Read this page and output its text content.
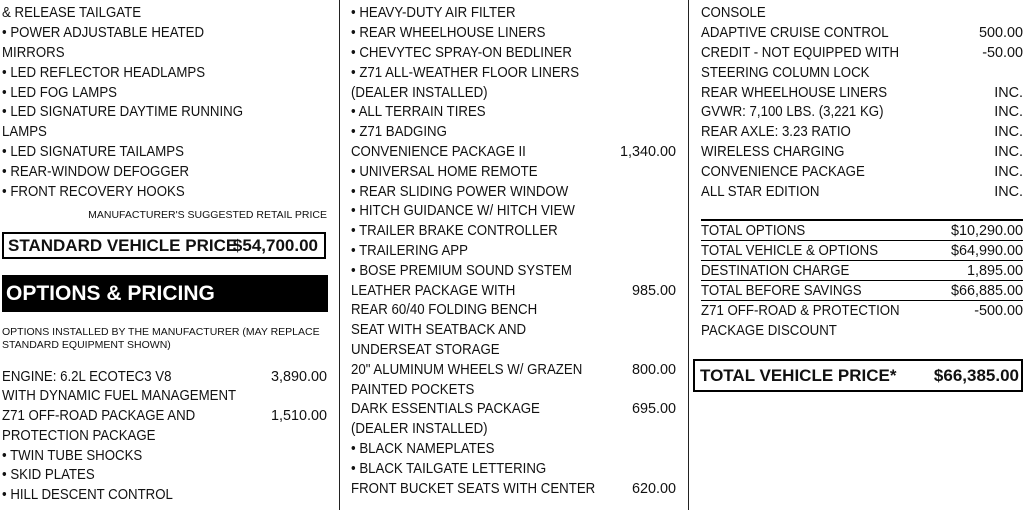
& RELEASE TAILGATE
• POWER ADJUSTABLE HEATED
MIRRORS
• LED REFLECTOR HEADLAMPS
• LED FOG LAMPS
• LED SIGNATURE DAYTIME RUNNING
LAMPS
• LED SIGNATURE TAILAMPS
• REAR-WINDOW DEFOGGER
• FRONT RECOVERY HOOKS
MANUFACTURER'S SUGGESTED RETAIL PRICE
STANDARD VEHICLE PRICE
$54,700.00
OPTIONS & PRICING
OPTIONS INSTALLED BY THE MANUFACTURER (MAY REPLACE
STANDARD EQUIPMENT SHOWN)
ENGINE: 6.2L ECOTEC3 V8	3,890.00
WITH DYNAMIC FUEL MANAGEMENT
Z71 OFF-ROAD PACKAGE AND	1,510.00
PROTECTION PACKAGE
• TWIN TUBE SHOCKS
• SKID PLATES
• HILL DESCENT CONTROL
• HEAVY-DUTY AIR FILTER
• REAR WHEELHOUSE LINERS
• CHEVYTEC SPRAY-ON BEDLINER
• Z71 ALL-WEATHER FLOOR LINERS
(DEALER INSTALLED)
• ALL TERRAIN TIRES
• Z71 BADGING
CONVENIENCE PACKAGE II	1,340.00
• UNIVERSAL HOME REMOTE
• REAR SLIDING POWER WINDOW
• HITCH GUIDANCE W/ HITCH VIEW
• TRAILER BRAKE CONTROLLER
• TRAILERING APP
• BOSE PREMIUM SOUND SYSTEM
LEATHER PACKAGE WITH	985.00
REAR 60/40 FOLDING BENCH
SEAT WITH SEATBACK AND
UNDERSEAT STORAGE
20" ALUMINUM WHEELS W/ GRAZEN	800.00
PAINTED POCKETS
DARK ESSENTIALS PACKAGE	695.00
(DEALER INSTALLED)
• BLACK NAMEPLATES
• BLACK TAILGATE LETTERING
FRONT BUCKET SEATS WITH CENTER	620.00
CONSOLE
ADAPTIVE CRUISE CONTROL	500.00
CREDIT - NOT EQUIPPED WITH	-50.00
STEERING COLUMN LOCK
REAR WHEELHOUSE LINERS	INC.
GVWR: 7,100 LBS. (3,221 KG)	INC.
REAR AXLE: 3.23 RATIO	INC.
WIRELESS CHARGING	INC.
CONVENIENCE PACKAGE	INC.
ALL STAR EDITION	INC.
TOTAL OPTIONS	$10,290.00
TOTAL VEHICLE & OPTIONS	$64,990.00
DESTINATION CHARGE	1,895.00
TOTAL BEFORE SAVINGS	$66,885.00
Z71 OFF-ROAD & PROTECTION	-500.00
PACKAGE DISCOUNT
TOTAL VEHICLE PRICE* $66,385.00
